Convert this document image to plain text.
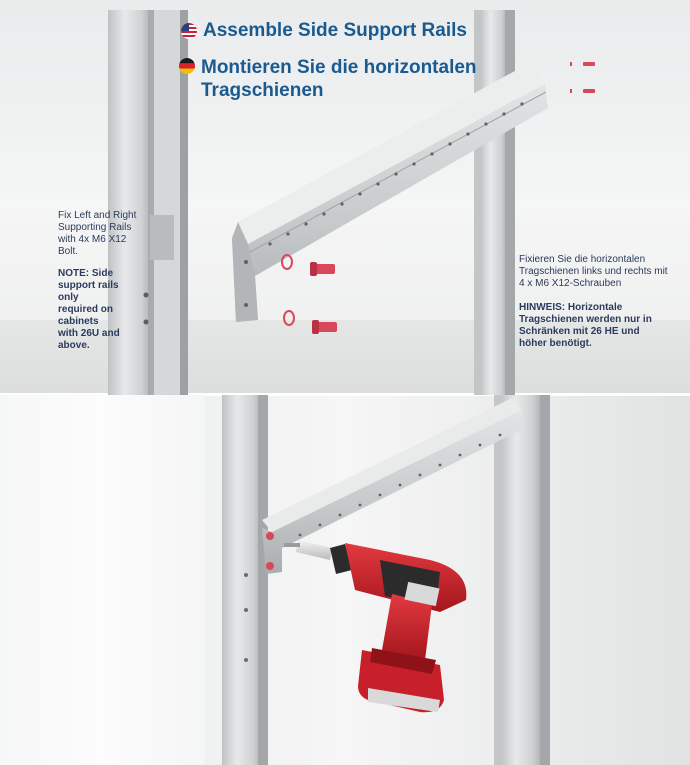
Assemble Side Support Rails
Montieren Sie die horizontalen Tragschienen

Fix Left and Right Supporting Rails with 4x M6 X12 Bolt.

NOTE: Side support rails only required on cabinets with 26U and above.

Fixieren Sie die horizontalen Tragschienen links und rechts mit 4 x M6 X12-Schrauben

HINWEIS: Horizontale Tragschienen werden nur in Schränken mit 26 HE und höher benötigt.
